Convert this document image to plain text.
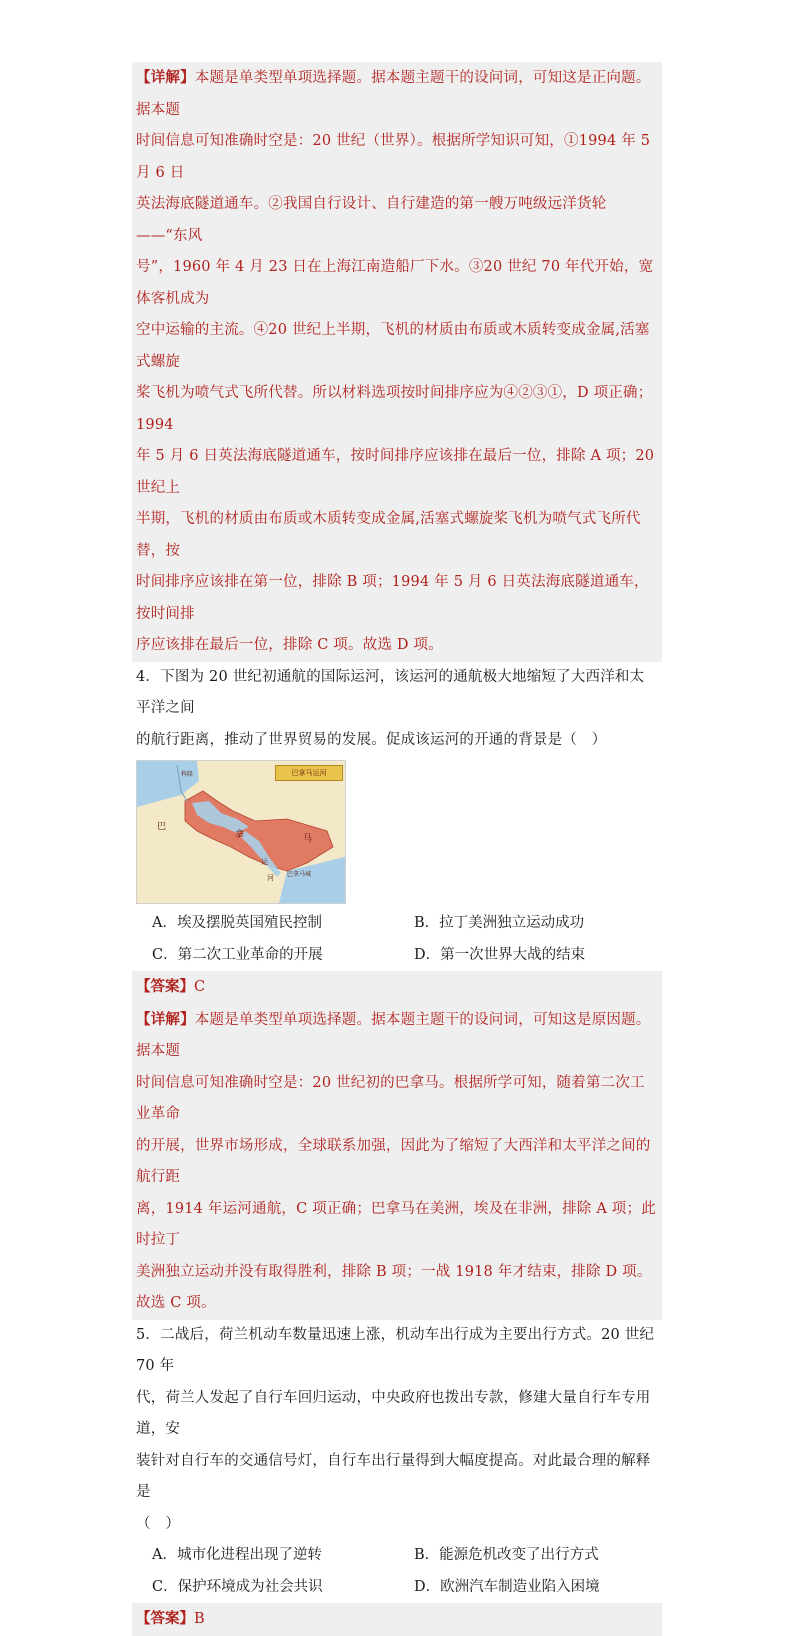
【详解】本题是单类型单项选择题。据本题主题干的设问词，可知这是正向题。据本题

时间信息可知准确时空是：20 世纪（世界）。根据所学知识可知，①1994 年 5 月 6 日

英法海底隧道通车。②我国自行设计、自行建造的第一艘万吨级远洋货轮——“东风

号”，1960 年 4 月 23 日在上海江南造船厂下水。③20 世纪 70 年代开始，宽体客机成为

空中运输的主流。④20 世纪上半期，飞机的材质由布质或木质转变成金属,活塞式螺旋

桨飞机为喷气式飞所代替。所以材料选项按时间排序应为④②③①，D 项正确；1994

年 5 月 6 日英法海底隧道通车，按时间排序应该排在最后一位，排除 A 项；20 世纪上

半期，飞机的材质由布质或木质转变成金属,活塞式螺旋桨飞机为喷气式飞所代替，按

时间排序应该排在第一位，排除 B 项；1994 年 5 月 6 日英法海底隧道通车，按时间排

序应该排在最后一位，排除 C 项。故选 D 项。

4．下图为 20 世纪初通航的国际运河，该运河的通航极大地缩短了大西洋和太平洋之间

的航行距离，推动了世界贸易的发展。促成该运河的开通的背景是（　）

巴拿马运河
巴
拿	马
科隆
运
河 巴拿马城
A．埃及摆脱英国殖民控制	B．拉丁美洲独立运动成功
C．第二次工业革命的开展	D．第一次世界大战的结束
【答案】C

【详解】本题是单类型单项选择题。据本题主题干的设问词，可知这是原因题。据本题

时间信息可知准确时空是：20 世纪初的巴拿马。根据所学可知，随着第二次工业革命

的开展，世界市场形成，全球联系加强，因此为了缩短了大西洋和太平洋之间的航行距

离，1914 年运河通航，C 项正确；巴拿马在美洲，埃及在非洲，排除 A 项；此时拉丁

美洲独立运动并没有取得胜利，排除 B 项；一战 1918 年才结束，排除 D 项。故选 C 项。

5．二战后，荷兰机动车数量迅速上涨，机动车出行成为主要出行方式。20 世纪 70 年

代，荷兰人发起了自行车回归运动，中央政府也拨出专款，修建大量自行车专用道，安

装针对自行车的交通信号灯，自行车出行量得到大幅度提高。对此最合理的解释是

（　）

A．城市化进程出现了逆转	B．能源危机改变了出行方式
C．保护环境成为社会共识	D．欧洲汽车制造业陷入困境
【答案】B
